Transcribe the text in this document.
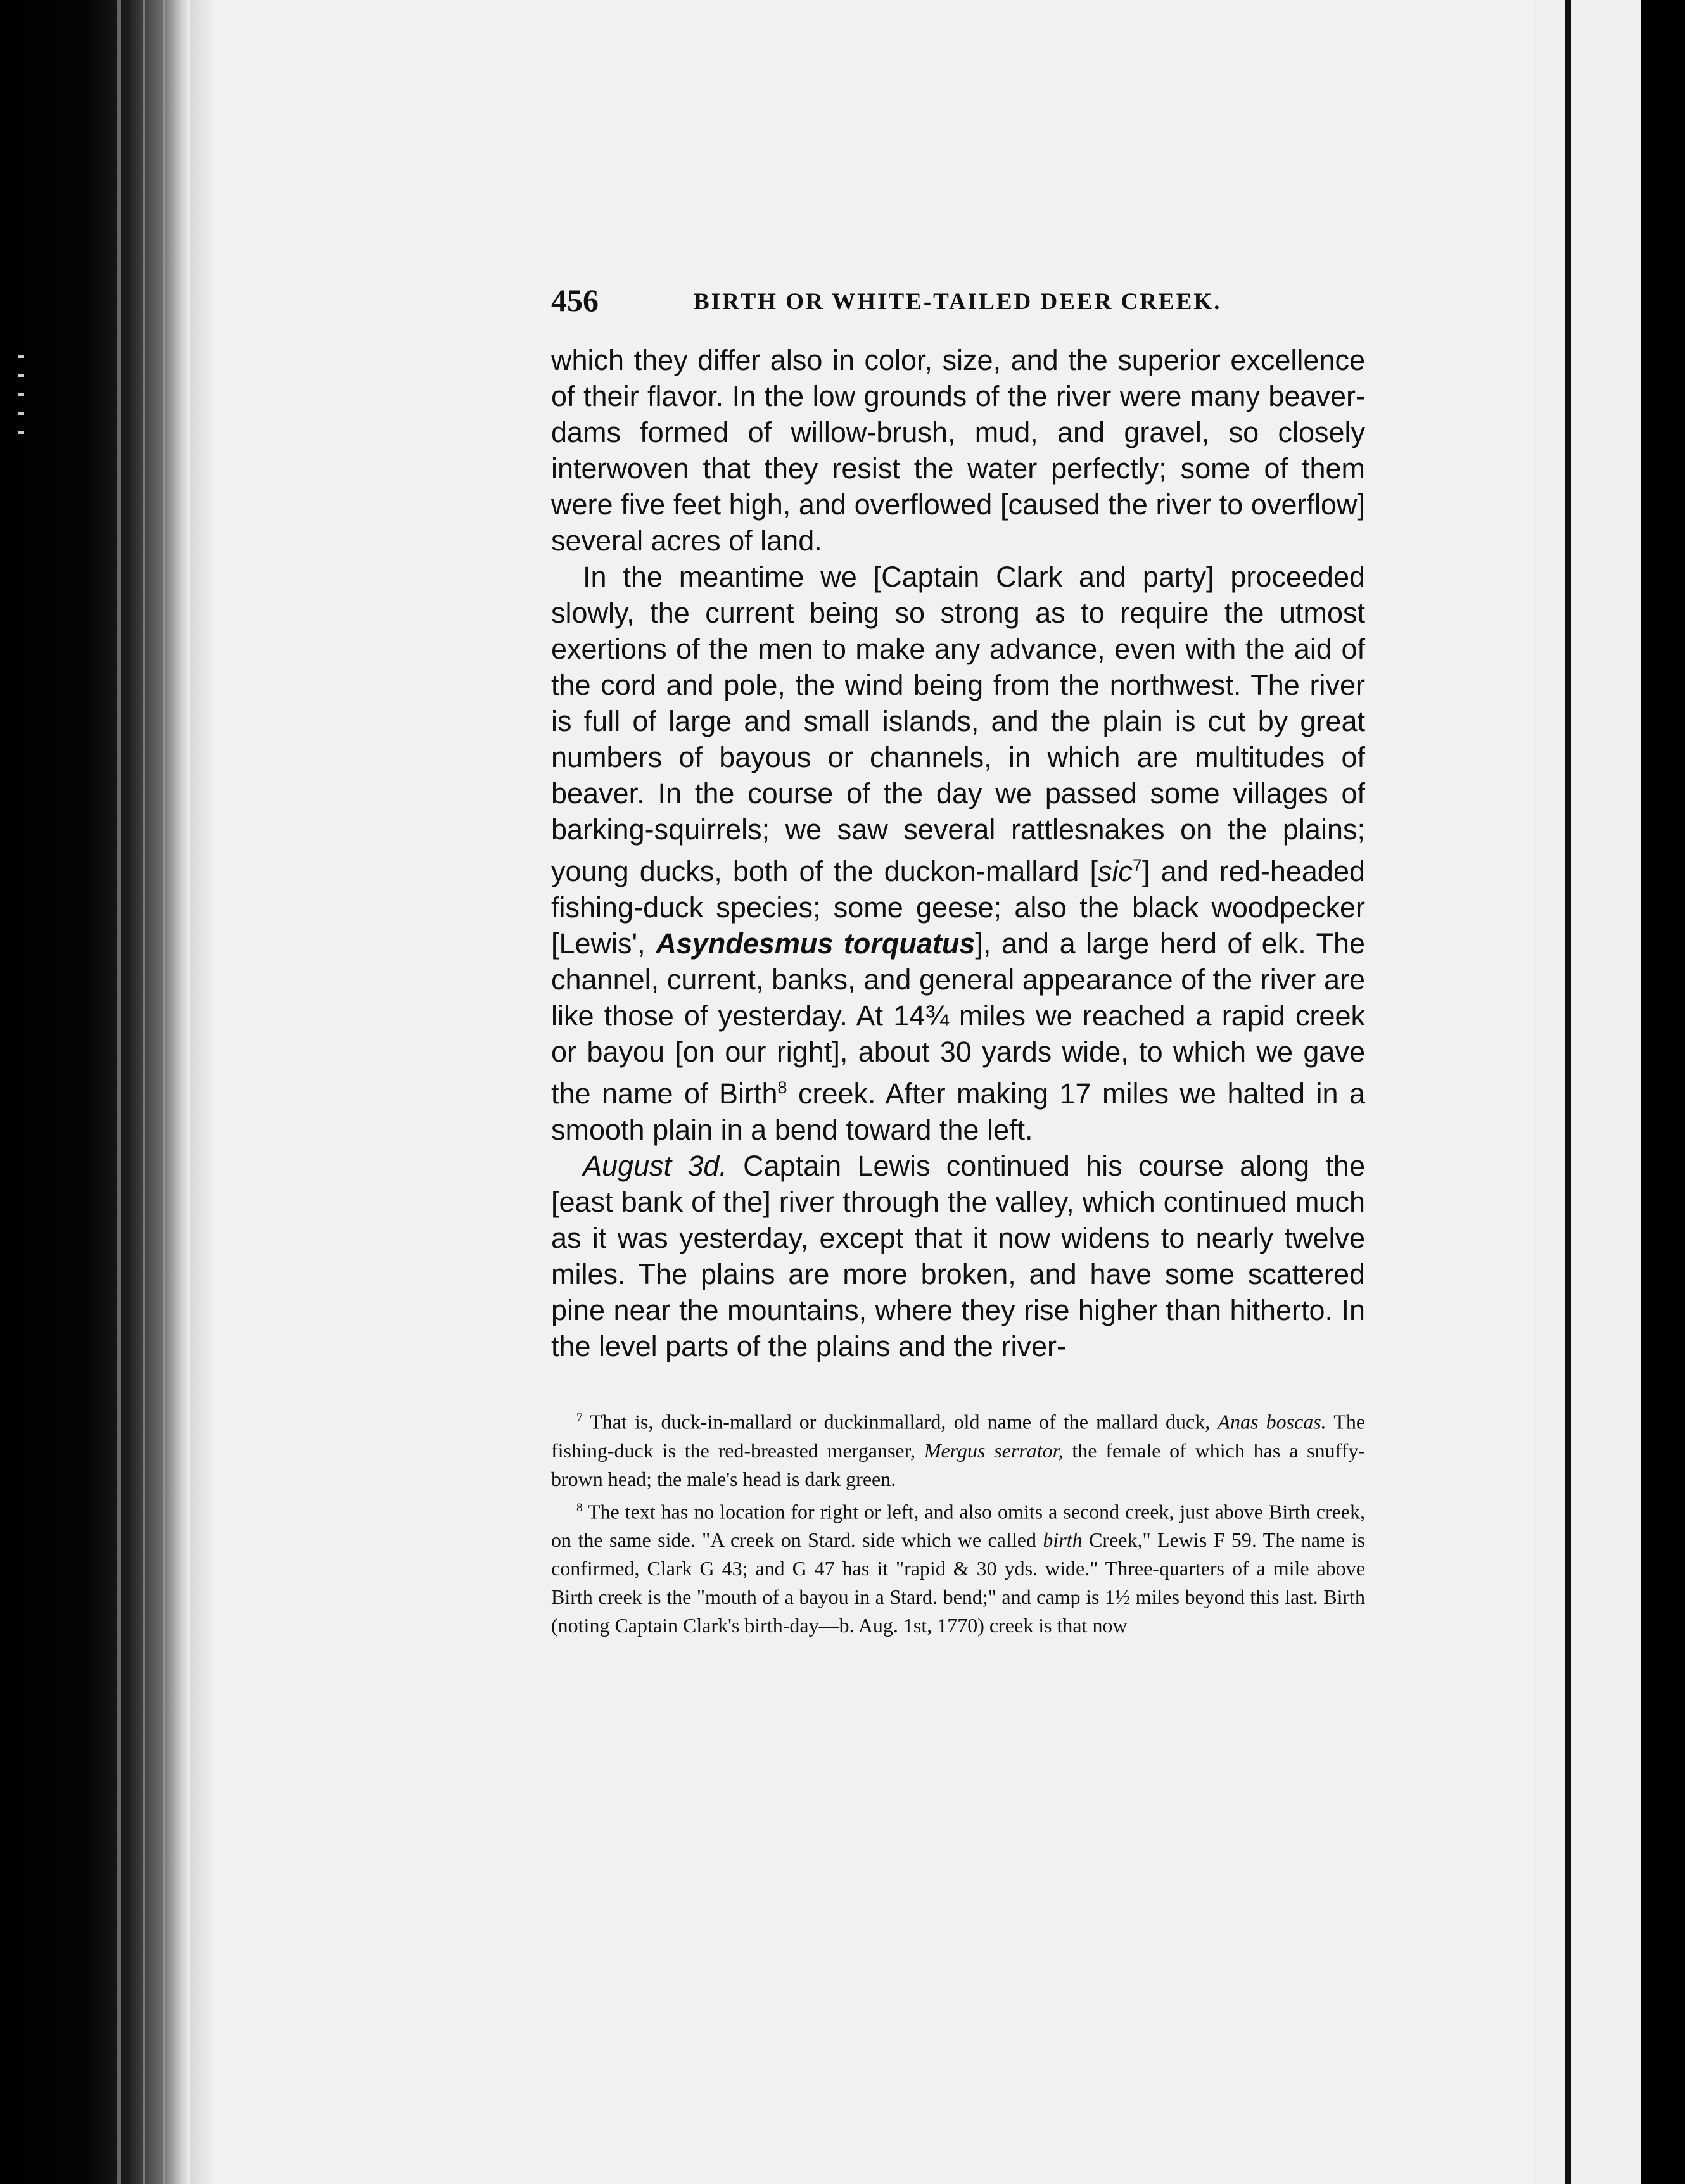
456	BIRTH OR WHITE-TAILED DEER CREEK.

which they differ also in color, size, and the superior excellence of their flavor. In the low grounds of the river were many beaver-dams formed of willow-brush, mud, and gravel, so closely interwoven that they resist the water perfectly; some of them were five feet high, and overflowed [caused the river to overflow] several acres of land.

In the meantime we [Captain Clark and party] proceeded slowly, the current being so strong as to require the utmost exertions of the men to make any advance, even with the aid of the cord and pole, the wind being from the northwest. The river is full of large and small islands, and the plain is cut by great numbers of bayous or channels, in which are multitudes of beaver. In the course of the day we passed some villages of barking-squirrels; we saw several rattlesnakes on the plains; young ducks, both of the duckon-mallard [sic$^7$] and red-headed fishing-duck species; some geese; also the black woodpecker [Lewis', Asyndesmus torquatus], and a large herd of elk. The channel, current, banks, and general appearance of the river are like those of yesterday. At 14¾ miles we reached a rapid creek or bayou [on our right], about 30 yards wide, to which we gave the name of Birth$^8$ creek. After making 17 miles we halted in a smooth plain in a bend toward the left.

August 3d. Captain Lewis continued his course along the [east bank of the] river through the valley, which continued much as it was yesterday, except that it now widens to nearly twelve miles. The plains are more broken, and have some scattered pine near the mountains, where they rise higher than hitherto. In the level parts of the plains and the river-

$^7$ That is, duck-in-mallard or duckinmallard, old name of the mallard duck, Anas boscas. The fishing-duck is the red-breasted merganser, Mergus serrator, the female of which has a snuffy-brown head; the male's head is dark green.

$^8$ The text has no location for right or left, and also omits a second creek, just above Birth creek, on the same side. "A creek on Stard. side which we called birth Creek," Lewis F 59. The name is confirmed, Clark G 43; and G 47 has it "rapid & 30 yds. wide." Three-quarters of a mile above Birth creek is the "mouth of a bayou in a Stard. bend;" and camp is 1½ miles beyond this last. Birth (noting Captain Clark's birth-day—b. Aug. 1st, 1770) creek is that now
